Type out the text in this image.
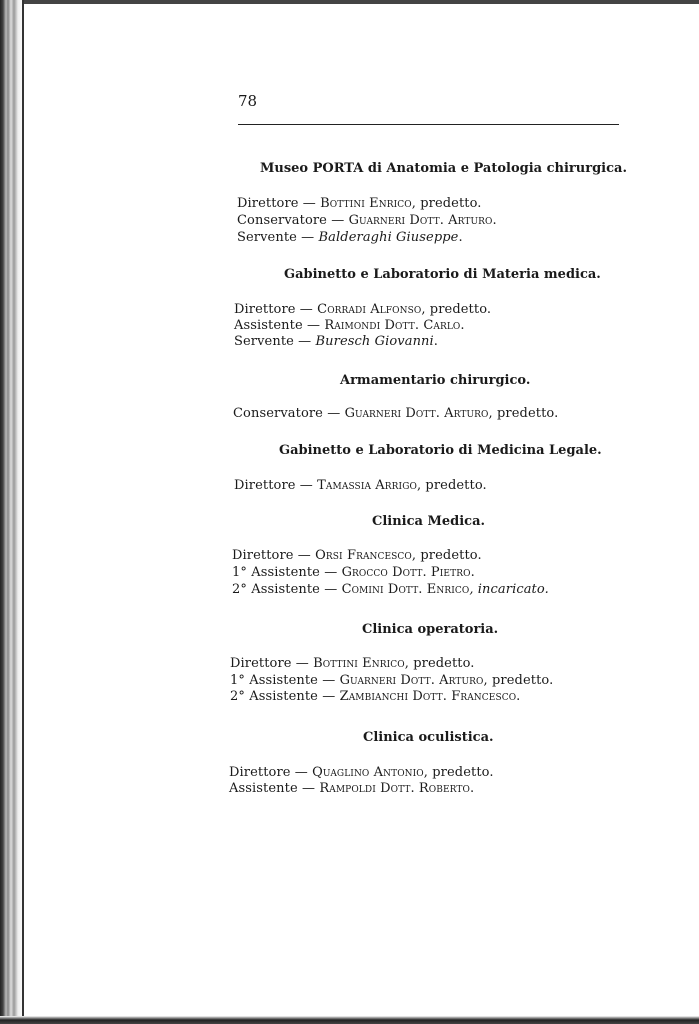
78
Museo PORTA di Anatomia e Patologia chirurgica.
Direttore — Bottini Enrico, predetto.
Conservatore — Guarneri Dott. Arturo.
Servente — Balderaghi Giuseppe.
Gabinetto e Laboratorio di Materia medica.
Direttore — Corradi Alfonso, predetto.
Assistente — Raimondi Dott. Carlo.
Servente — Buresch Giovanni.
Armamentario chirurgico.
Conservatore — Guarneri Dott. Arturo, predetto.
Gabinetto e Laboratorio di Medicina Legale.
Direttore — Tamassia Arrigo, predetto.
Clinica Medica.
Direttore — Orsi Francesco, predetto.
1° Assistente — Grocco Dott. Pietro.
2° Assistente — Comini Dott. Enrico, incaricato.
Clinica operatoria.
Direttore — Bottini Enrico, predetto.
1° Assistente — Guarneri Dott. Arturo, predetto.
2° Assistente — Zambianchi Dott. Francesco.
Clinica oculistica.
Direttore — Quaglino Antonio, predetto.
Assistente — Rampoldi Dott. Roberto.
